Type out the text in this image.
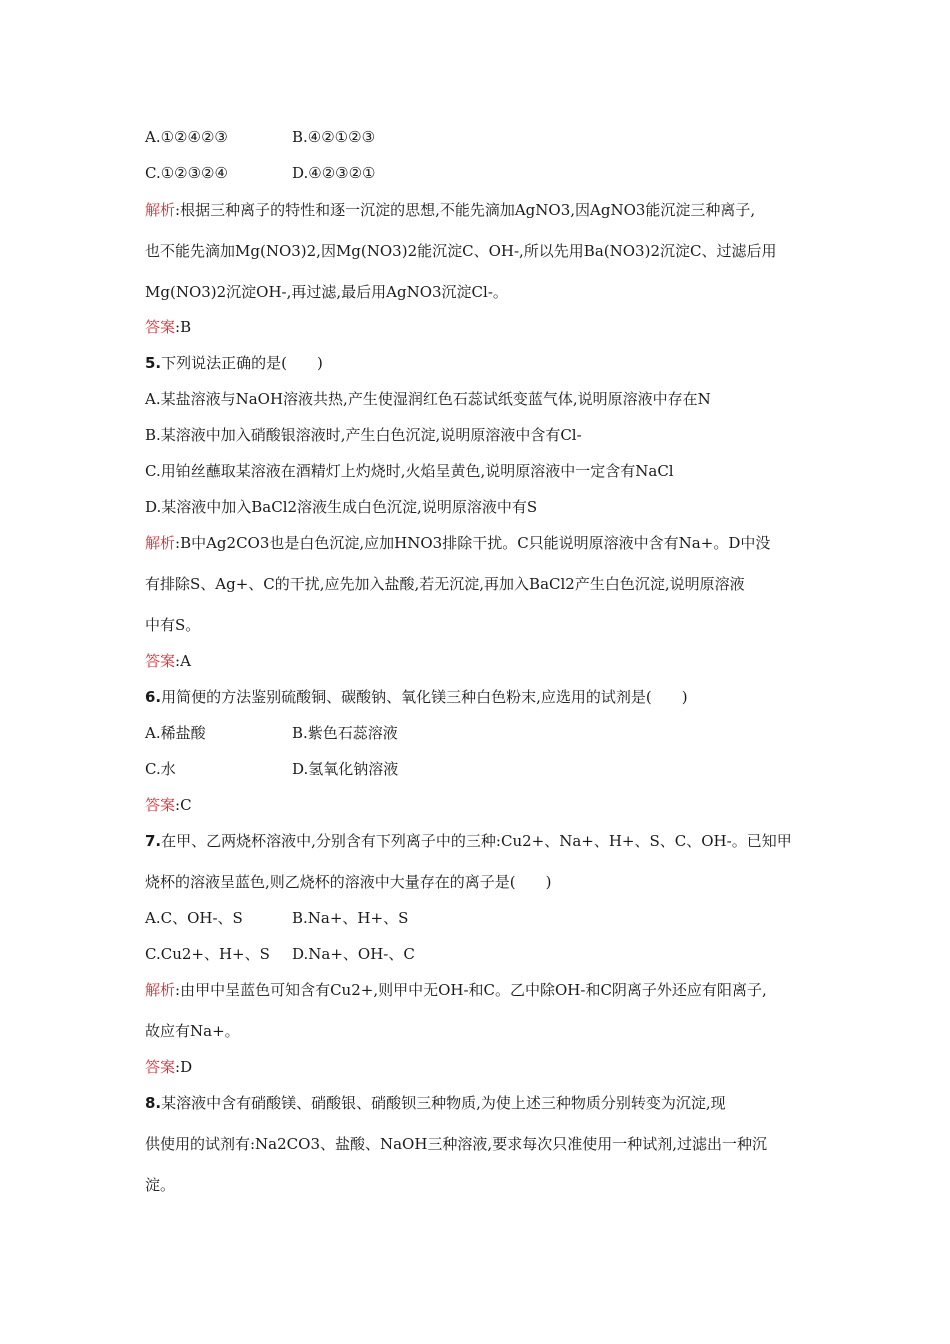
A.①②④②③	B.④②①②③
C.①②③②④	D.④②③②①
解析:根据三种离子的特性和逐一沉淀的思想,不能先滴加AgNO3,因AgNO3能沉淀三种离子,
也不能先滴加Mg(NO3)2,因Mg(NO3)2能沉淀C、OH-,所以先用Ba(NO3)2沉淀C、过滤后用
Mg(NO3)2沉淀OH-,再过滤,最后用AgNO3沉淀Cl-。
答案:B
5.下列说法正确的是(　　)
A.某盐溶液与NaOH溶液共热,产生使湿润红色石蕊试纸变蓝气体,说明原溶液中存在N
B.某溶液中加入硝酸银溶液时,产生白色沉淀,说明原溶液中含有Cl-
C.用铂丝蘸取某溶液在酒精灯上灼烧时,火焰呈黄色,说明原溶液中一定含有NaCl
D.某溶液中加入BaCl2溶液生成白色沉淀,说明原溶液中有S
解析:B中Ag2CO3也是白色沉淀,应加HNO3排除干扰。C只能说明原溶液中含有Na+。D中没
有排除S、Ag+、C的干扰,应先加入盐酸,若无沉淀,再加入BaCl2产生白色沉淀,说明原溶液
中有S。
答案:A
6.用简便的方法鉴别硫酸铜、碳酸钠、氧化镁三种白色粉末,应选用的试剂是(　　)
A.稀盐酸	B.紫色石蕊溶液
C.水	D.氢氧化钠溶液
答案:C
7.在甲、乙两烧杯溶液中,分别含有下列离子中的三种:Cu2+、Na+、H+、S、C、OH-。已知甲
烧杯的溶液呈蓝色,则乙烧杯的溶液中大量存在的离子是(　　)
A.C、OH-、S	B.Na+、H+、S
C.Cu2+、H+、S D.Na+、OH-、C
解析:由甲中呈蓝色可知含有Cu2+,则甲中无OH-和C。乙中除OH-和C阴离子外还应有阳离子,
故应有Na+。
答案:D
8.某溶液中含有硝酸镁、硝酸银、硝酸钡三种物质,为使上述三种物质分别转变为沉淀,现
供使用的试剂有:Na2CO3、盐酸、NaOH三种溶液,要求每次只准使用一种试剂,过滤出一种沉
淀。
